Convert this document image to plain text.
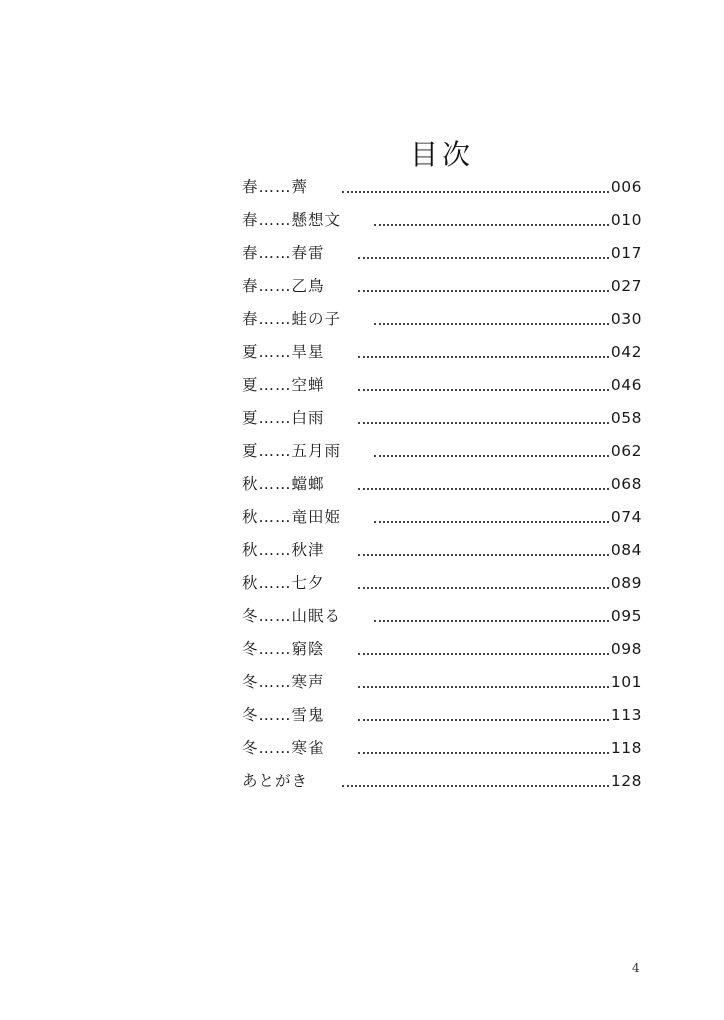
目次
春……薺	006
春……懸想文	010
春……春雷	017
春……乙鳥	027
春……蛙の子	030
夏……旱星	042
夏……空蝉	046
夏……白雨	058
夏……五月雨	062
秋……蟷螂	068
秋……竜田姫	074
秋……秋津	084
秋……七夕	089
冬……山眠る	095
冬……窮陰	098
冬……寒声	101
冬……雪鬼	113
冬……寒雀	118
あとがき	128
4
